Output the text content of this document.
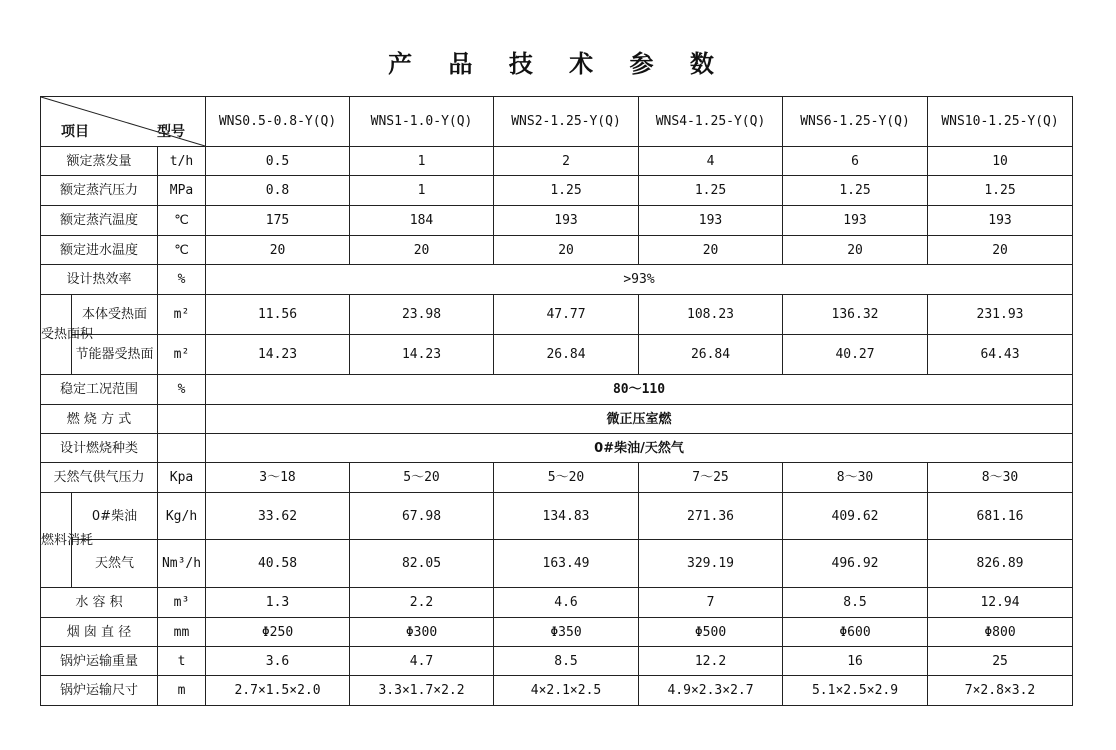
产 品 技 术 参 数
项目 型号			WNS0.5-0.8-Y(Q)	WNS1-1.0-Y(Q)	WNS2-1.25-Y(Q)	WNS4-1.25-Y(Q)	WNS6-1.25-Y(Q)	WNS10-1.25-Y(Q)
额定蒸发量		t/h	0.5	1	2	4	6	10
额定蒸汽压力		MPa	0.8	1	1.25	1.25	1.25	1.25
额定蒸汽温度		℃	175	184	193	193	193	193
额定进水温度		℃	20	20	20	20	20	20
设计热效率		%	>93%					
受热面积	本体受热面	m²	11.56	23.98	47.77	108.23	136.32	231.93
	节能器受热面	m²	14.23	14.23	26.84	26.84	40.27	64.43
稳定工况范围		%	80～110					
燃 烧 方 式			微正压室燃					
设计燃烧种类			0#柴油/天然气					
天然气供气压力		Kpa	3～18	5～20	5～20	7～25	8～30	8～30
燃料消耗	0#柴油	Kg/h	33.62	67.98	134.83	271.36	409.62	681.16
	天然气	Nm³/h	40.58	82.05	163.49	329.19	496.92	826.89
水 容 积		m³	1.3	2.2	4.6	7	8.5	12.94
烟 囱 直 径		mm	Φ250	Φ300	Φ350	Φ500	Φ600	Φ800
锅炉运输重量		t	3.6	4.7	8.5	12.2	16	25
锅炉运输尺寸		m	2.7×1.5×2.0	3.3×1.7×2.2	4×2.1×2.5	4.9×2.3×2.7	5.1×2.5×2.9	7×2.8×3.2
